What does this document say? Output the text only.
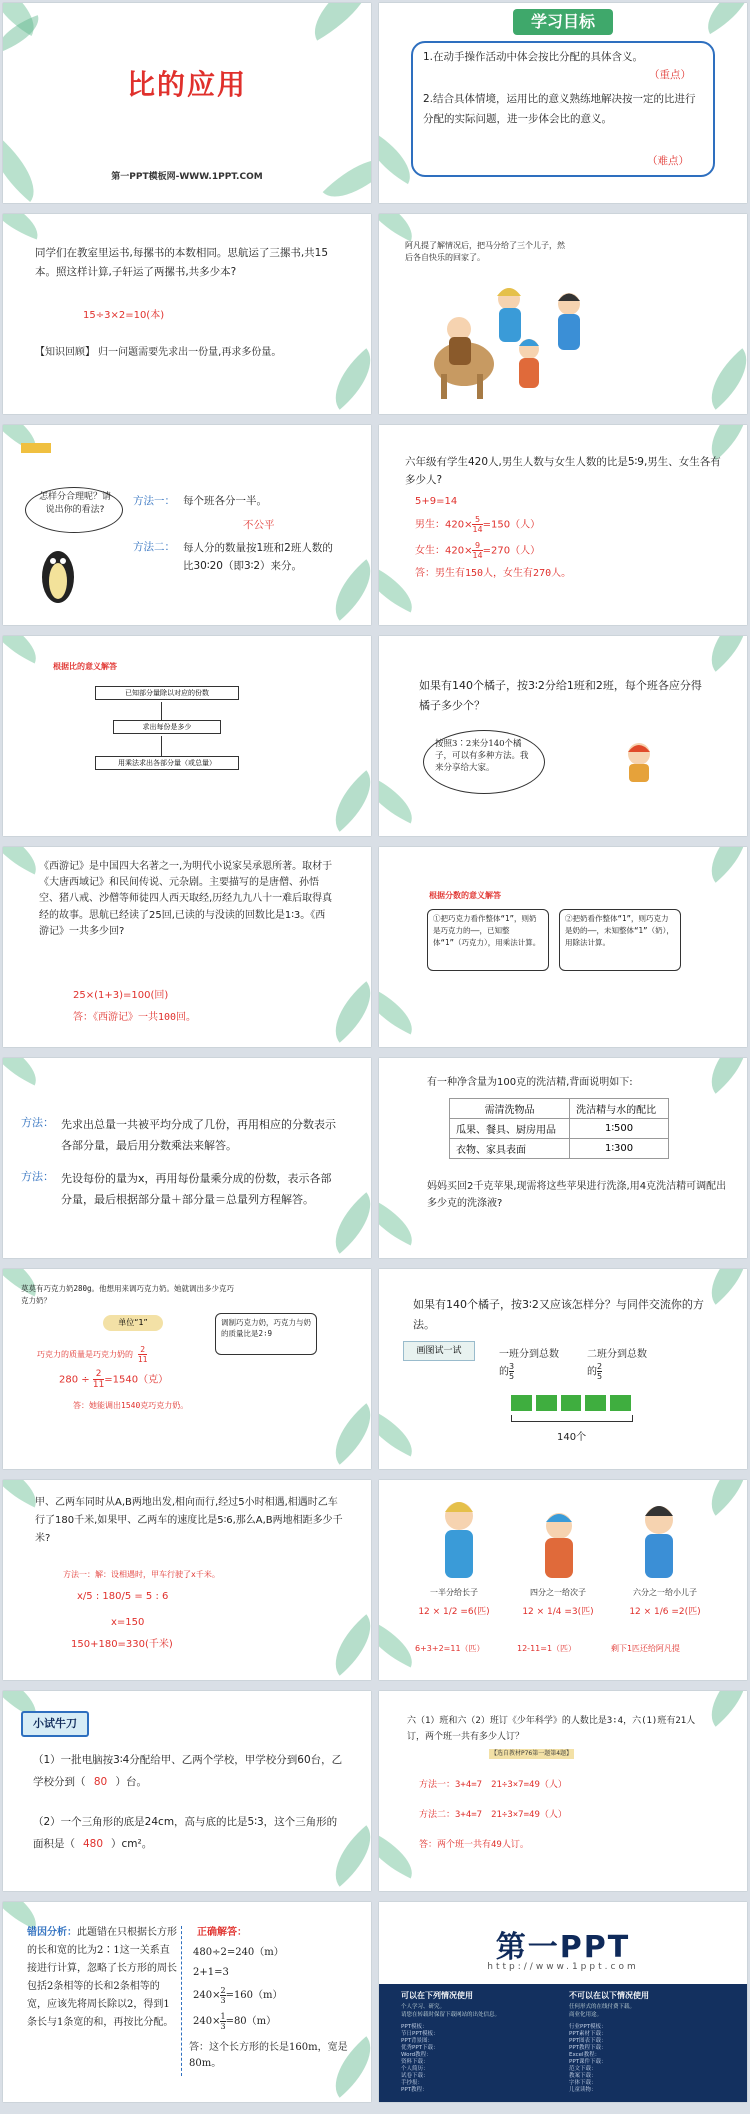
比的应用
第一PPT模板网-WWW.1PPT.COM
学习目标
1.在动手操作活动中体会按比分配的具体含义。
（重点）
2.结合具体情境，运用比的意义熟练地解决按一定的比进行分配的实际问题，进一步体会比的意义。
（难点）
同学们在教室里运书,每摞书的本数相同。思航运了三摞书,共15本。照这样计算,子轩运了两摞书,共多少本?
15÷3×2=10(本)
【知识回顾】 归一问题需要先求出一份量,再求多份量。
阿凡提了解情况后，把马分给了三个儿子，然后各自快乐的回家了。
怎样分合理呢？请说出你的看法?
方法一： 每个班各分一半。
不公平
方法二： 每人分的数量按1班和2班人数的比30∶20（即3∶2）来分。
六年级有学生420人,男生人数与女生人数的比是5∶9,男生、女生各有多少人?
5+9=14
男生：$420\times \frac{5}{14} =150$（人）
女生：$420\times \frac{9}{14} =270$（人）
答：男生有150人，女生有270人。
根据比的意义解答
已知部分量除以对应的份数
求出每份是多少
用乘法求出各部分量（或总量）
如果有140个橘子，按3∶2分给1班和2班，每个班各应分得橘子多少个？
按照3∶2来分140个橘子，可以有多种方法。我来分享给大家。
《西游记》是中国四大名著之一,为明代小说家吴承恩所著。取材于《大唐西域记》和民间传说、元杂剧。主要描写的是唐僧、孙悟空、猪八戒、沙僧等师徒四人西天取经,历经九九八十一难后取得真经的故事。思航已经读了25回,已读的与没读的回数比是1∶3。《西游记》一共多少回?
25×(1+3)=100(回)
答：《西游记》一共100回。
根据分数的意义解答
①把巧克力看作整体“1”，则奶是巧克力的——，已知整体“1”（巧克力），用乘法计算。
②把奶看作整体“1”，则巧克力是奶的——，未知整体“1”（奶），用除法计算。
方法： 先求出总量一共被平均分成了几份，再用相应的分数表示各部分量，最后用分数乘法来解答。
方法： 先设每份的量为x，再用每份量乘分成的份数，表示各部分量，最后根据部分量＋部分量＝总量列方程解答。
有一种净含量为100克的洗洁精,背面说明如下:
需清洗物品	洗洁精与水的配比
瓜果、餐具、厨房用品	1∶500
衣物、家具表面	1∶300
妈妈买回2千克苹果,现需将这些苹果进行洗涤,用4克洗洁精可调配出多少克的洗涤液?
莫莫有巧克力奶280g。他想用来调巧克力奶。她就调出多少克巧克力奶？
单位“1”	调制巧克力奶，巧克力与奶的质量比是2∶9
巧克力的质量是巧克力奶的 $\frac{2}{11}$
$280 \div \frac{2}{11} =1540$（克）
答：她能调出1540克巧克力奶。
如果有140个橘子，按3∶2又应该怎样分？与同伴交流你的方法。
画图试一试	一班分到总数的 $\frac{3}{5}$
二班分到总数的 $\frac{2}{5}$
140个
甲、乙两车同时从A,B两地出发,相向而行,经过5小时相遇,相遇时乙车行了180千米,如果甲、乙两车的速度比是5∶6,那么A,B两地相距多少千米?
方法一：解：设相遇时，甲车行驶了x千米。
x/5 : 180/5 = 5 : 6
x=150
150+180=330(千米)
一半分给长子
12 × 1/2 =6(匹)
四分之一给次子
12 × 1/4 =3(匹)
六分之一给小儿子
12 × 1/6 =2(匹)
6+3+2=11（匹）	12-11=1（匹）	剩下1匹还给阿凡提
小试牛刀
（1）一批电脑按3∶4分配给甲、乙两个学校，甲学校分到60台，乙学校分到（ 80 ）台。
（2）一个三角形的底是24cm，高与底的比是5∶3，这个三角形的面积是（ 480 ）cm²。
六（1）班和六（2）班订《少年科学》的人数比是3∶4，六(1)班有21人订，两个班一共有多少人订？
【选自教材P76第一题第4题】
方法一：3+4=7　21÷3×7=49（人）
方法二：3+4=7　21÷3×7=49（人）
答：两个班一共有49人订。
错因分析：此题错在只根据长方形的长和宽的比为2∶1这一关系直接进行计算，忽略了长方形的周长包括2条相等的长和2条相等的宽，应该先将周长除以2，得到1条长与1条宽的和，再按比分配。
正确解答：
480÷2=240（m）
2+1=3
$240\times \frac{2}{3} =160(m)$
$240\times \frac{1}{3} =80(m)$
答：这个长方形的长是160m，宽是80m。
第一PPT
http://www.1ppt.com
可以在下列情况使用
个人学习、研究。
请您在转载时保留下载网站的出处信息。
不可以在以下情况使用
任何形式的在线付费下载。
商业化用途。
PPT模板：
节日PPT模板：
PPT背景图：
优秀PPT下载：
Word教程：
资料下载：
个人简历：
试卷下载：
手抄报：
PPT教程：
行业PPT模板：
PPT素材下载：
PPT图表下载：
PPT教程下载：
Excel教程：
PPT课件下载：
范文下载：
教案下载：
字体下载：
儿童读物：
